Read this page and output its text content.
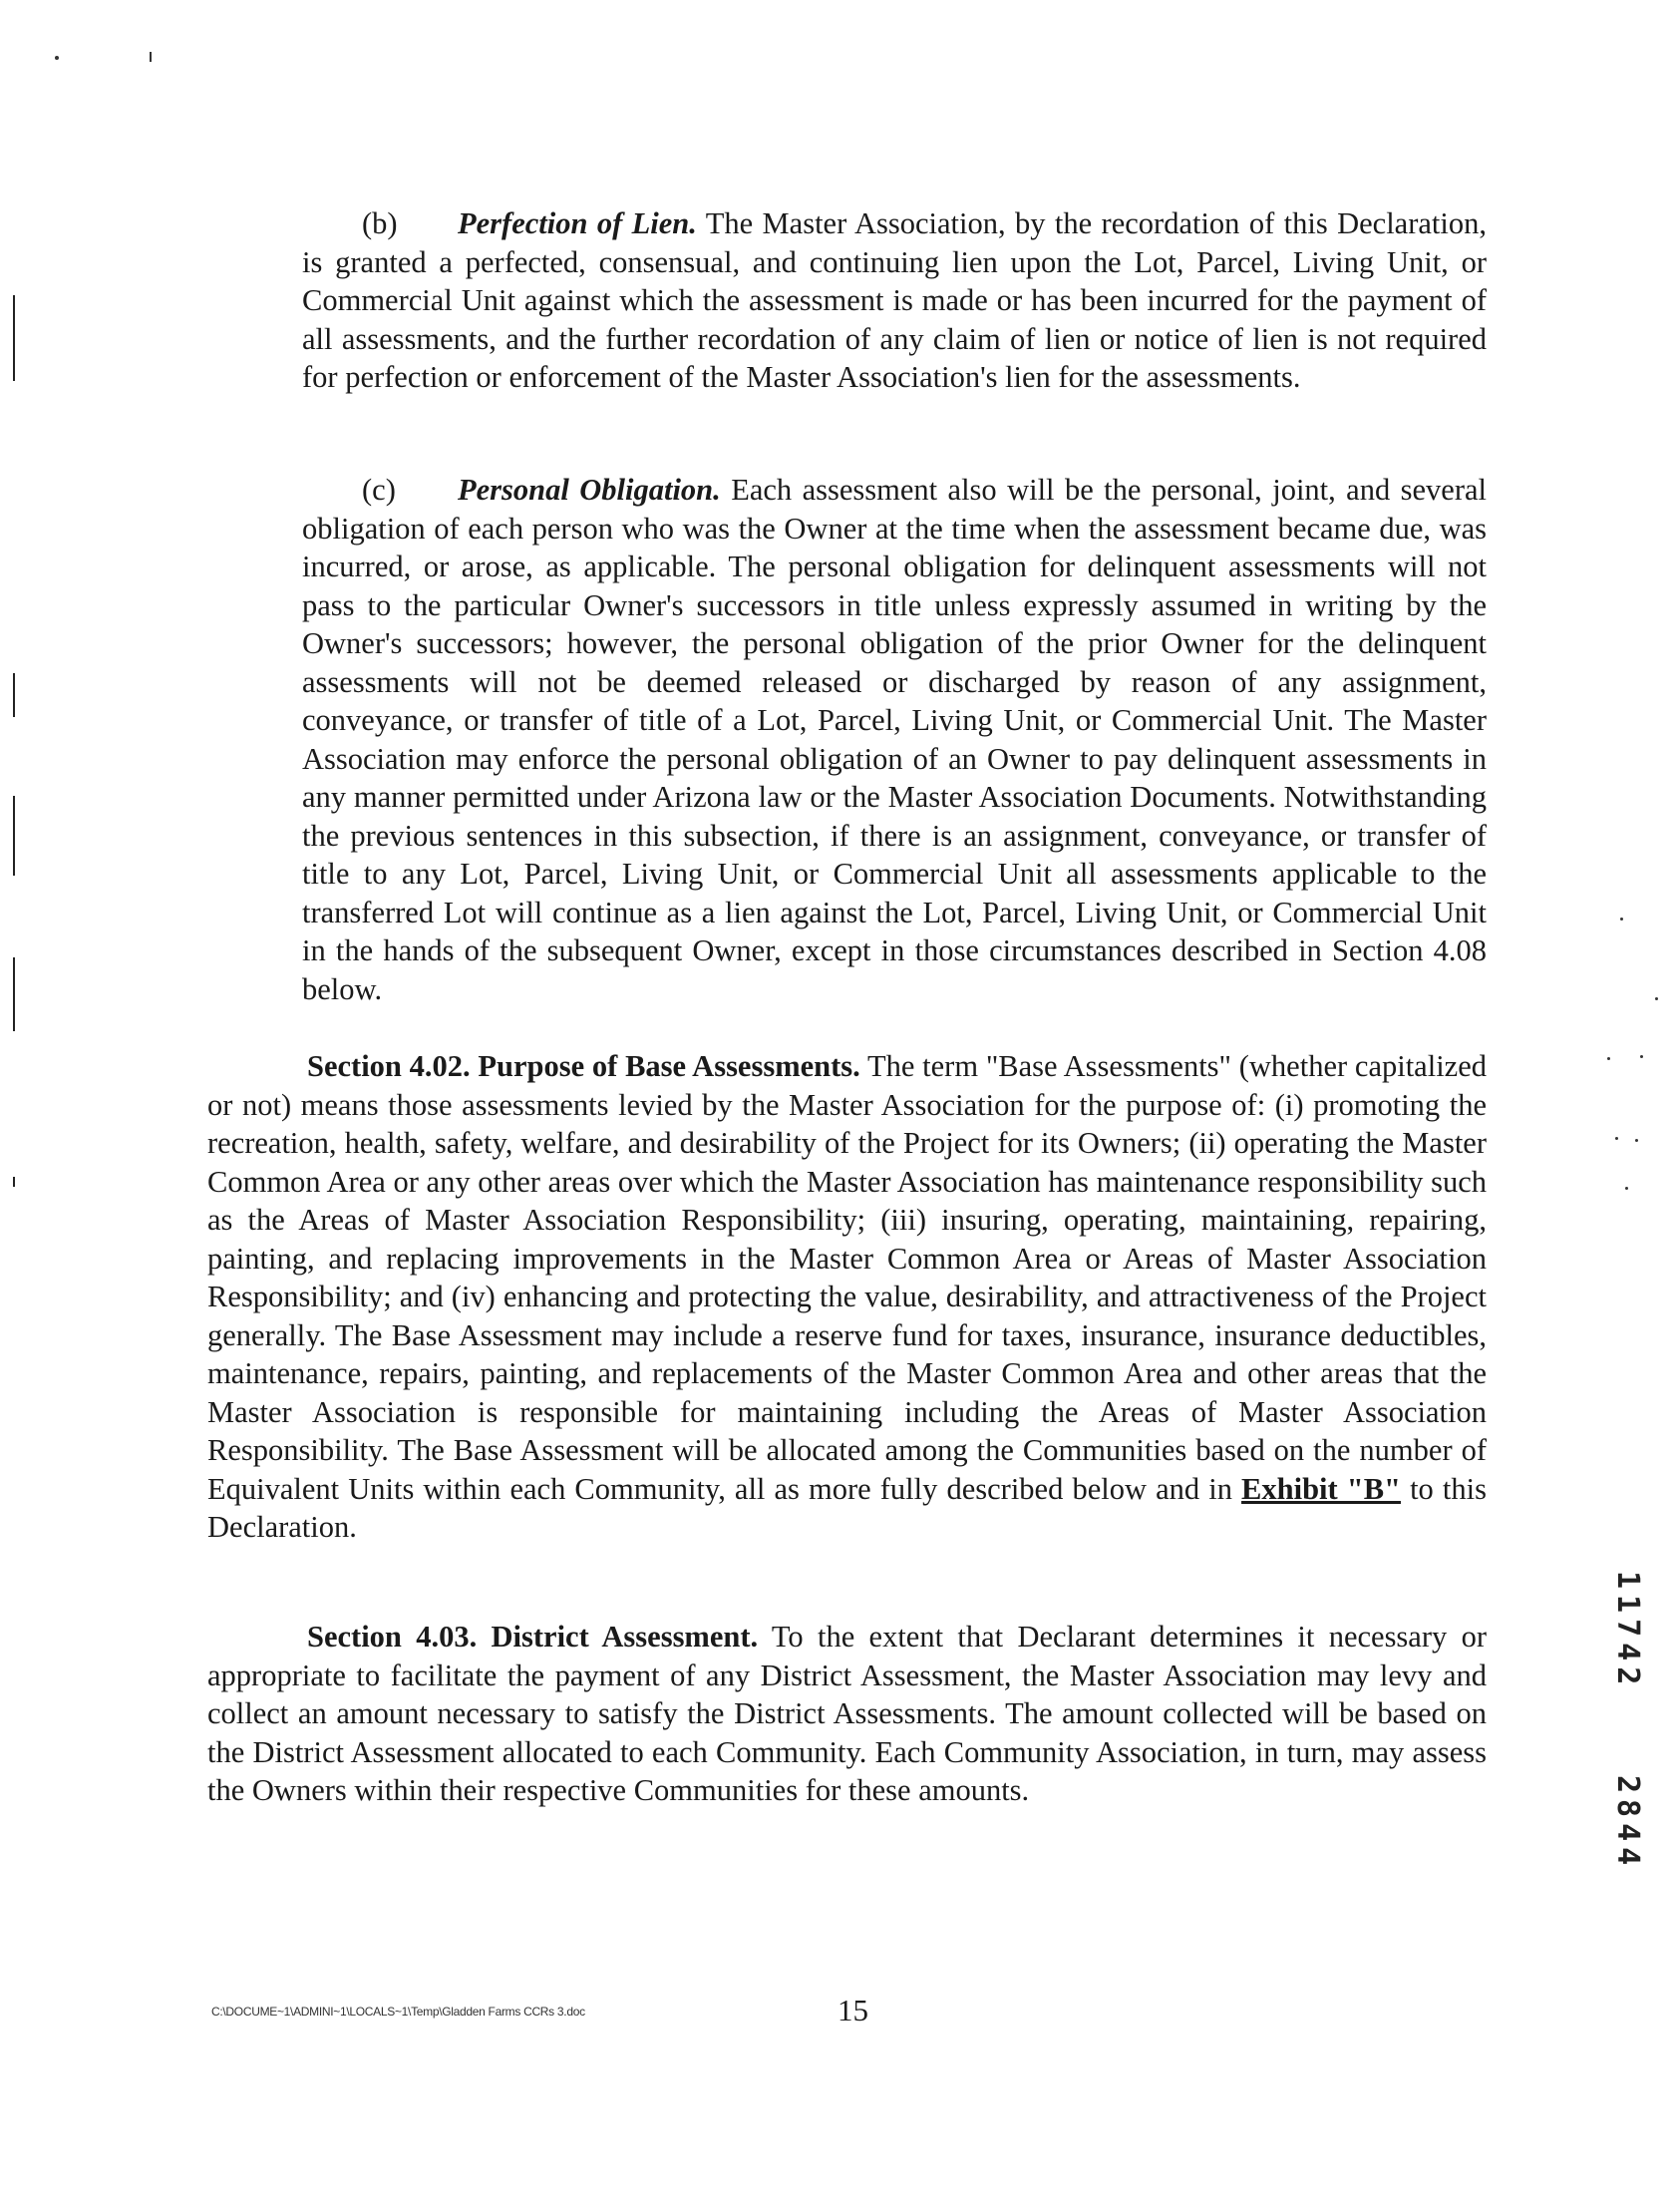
(b) Perfection of Lien. The Master Association, by the recordation of this Declaration, is granted a perfected, consensual, and continuing lien upon the Lot, Parcel, Living Unit, or Commercial Unit against which the assessment is made or has been incurred for the payment of all assessments, and the further recordation of any claim of lien or notice of lien is not required for perfection or enforcement of the Master Association's lien for the assessments.

(c) Personal Obligation. Each assessment also will be the personal, joint, and several obligation of each person who was the Owner at the time when the assessment became due, was incurred, or arose, as applicable. The personal obligation for delinquent assessments will not pass to the particular Owner's successors in title unless expressly assumed in writing by the Owner's successors; however, the personal obligation of the prior Owner for the delinquent assessments will not be deemed released or discharged by reason of any assignment, conveyance, or transfer of title of a Lot, Parcel, Living Unit, or Commercial Unit. The Master Association may enforce the personal obligation of an Owner to pay delinquent assessments in any manner permitted under Arizona law or the Master Association Documents. Notwithstanding the previous sentences in this subsection, if there is an assignment, conveyance, or transfer of title to any Lot, Parcel, Living Unit, or Commercial Unit all assessments applicable to the transferred Lot will continue as a lien against the Lot, Parcel, Living Unit, or Commercial Unit in the hands of the subsequent Owner, except in those circumstances described in Section 4.08 below.

Section 4.02. Purpose of Base Assessments. The term "Base Assessments" (whether capitalized or not) means those assessments levied by the Master Association for the purpose of: (i) promoting the recreation, health, safety, welfare, and desirability of the Project for its Owners; (ii) operating the Master Common Area or any other areas over which the Master Association has maintenance responsibility such as the Areas of Master Association Responsibility; (iii) insuring, operating, maintaining, repairing, painting, and replacing improvements in the Master Common Area or Areas of Master Association Responsibility; and (iv) enhancing and protecting the value, desirability, and attractiveness of the Project generally. The Base Assessment may include a reserve fund for taxes, insurance, insurance deductibles, maintenance, repairs, painting, and replacements of the Master Common Area and other areas that the Master Association is responsible for maintaining including the Areas of Master Association Responsibility. The Base Assessment will be allocated among the Communities based on the number of Equivalent Units within each Community, all as more fully described below and in Exhibit "B" to this Declaration.

Section 4.03. District Assessment. To the extent that Declarant determines it necessary or appropriate to facilitate the payment of any District Assessment, the Master Association may levy and collect an amount necessary to satisfy the District Assessments. The amount collected will be based on the District Assessment allocated to each Community. Each Community Association, in turn, may assess the Owners within their respective Communities for these amounts.

11742
2844
C:\DOCUME~1\ADMINI~1\LOCALS~1\Temp\Gladden Farms CCRs 3.doc	15
